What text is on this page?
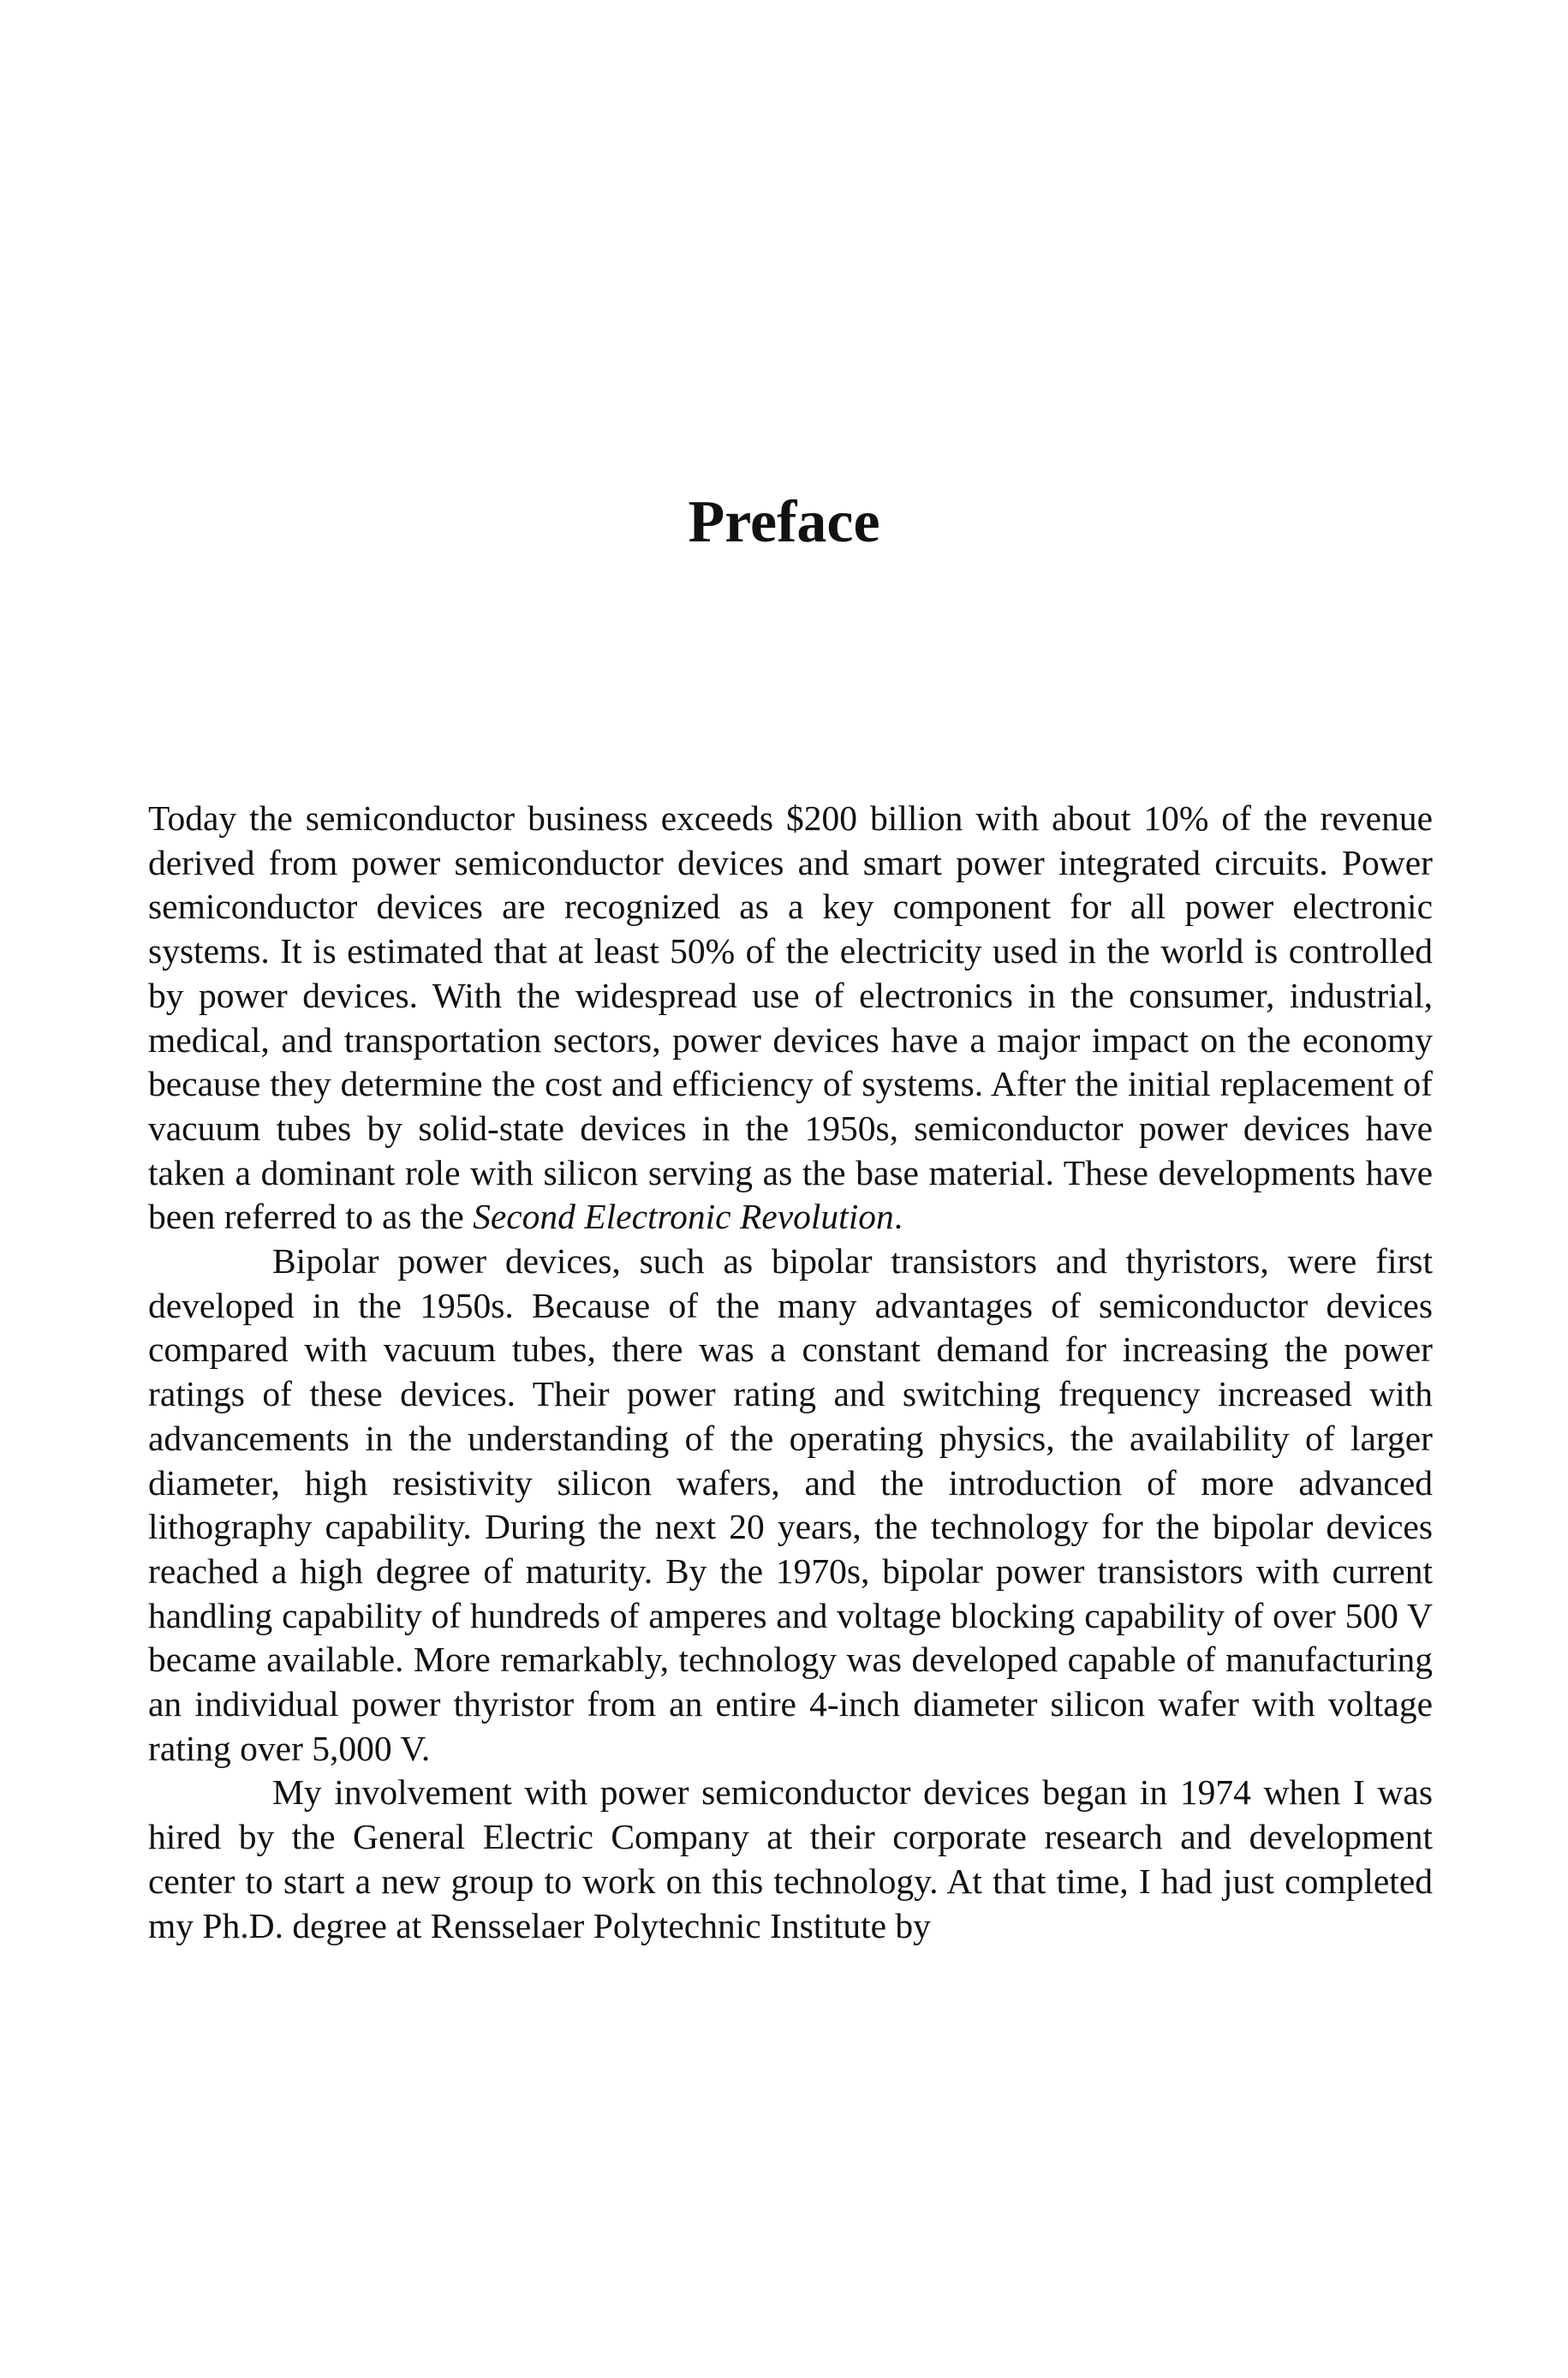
Preface

Today the semiconductor business exceeds $200 billion with about 10% of the revenue derived from power semiconductor devices and smart power integrated circuits. Power semiconductor devices are recognized as a key component for all power electronic systems. It is estimated that at least 50% of the electricity used in the world is controlled by power devices. With the widespread use of electronics in the consumer, industrial, medical, and transportation sectors, power devices have a major impact on the economy because they determine the cost and efficiency of systems. After the initial replacement of vacuum tubes by solid-state devices in the 1950s, semiconductor power devices have taken a dominant role with silicon serving as the base material. These developments have been referred to as the Second Electronic Revolution.

Bipolar power devices, such as bipolar transistors and thyristors, were first developed in the 1950s. Because of the many advantages of semiconductor devices compared with vacuum tubes, there was a constant demand for increasing the power ratings of these devices. Their power rating and switching frequency increased with advancements in the understanding of the operating physics, the availability of larger diameter, high resistivity silicon wafers, and the introduction of more advanced lithography capability. During the next 20 years, the technology for the bipolar devices reached a high degree of maturity. By the 1970s, bipolar power transistors with current handling capability of hundreds of amperes and voltage blocking capability of over 500 V became available. More remarkably, technology was developed capable of manufacturing an individual power thyristor from an entire 4-inch diameter silicon wafer with voltage rating over 5,000 V.

My involvement with power semiconductor devices began in 1974 when I was hired by the General Electric Company at their corporate research and development center to start a new group to work on this technology. At that time, I had just completed my Ph.D. degree at Rensselaer Polytechnic Institute by
